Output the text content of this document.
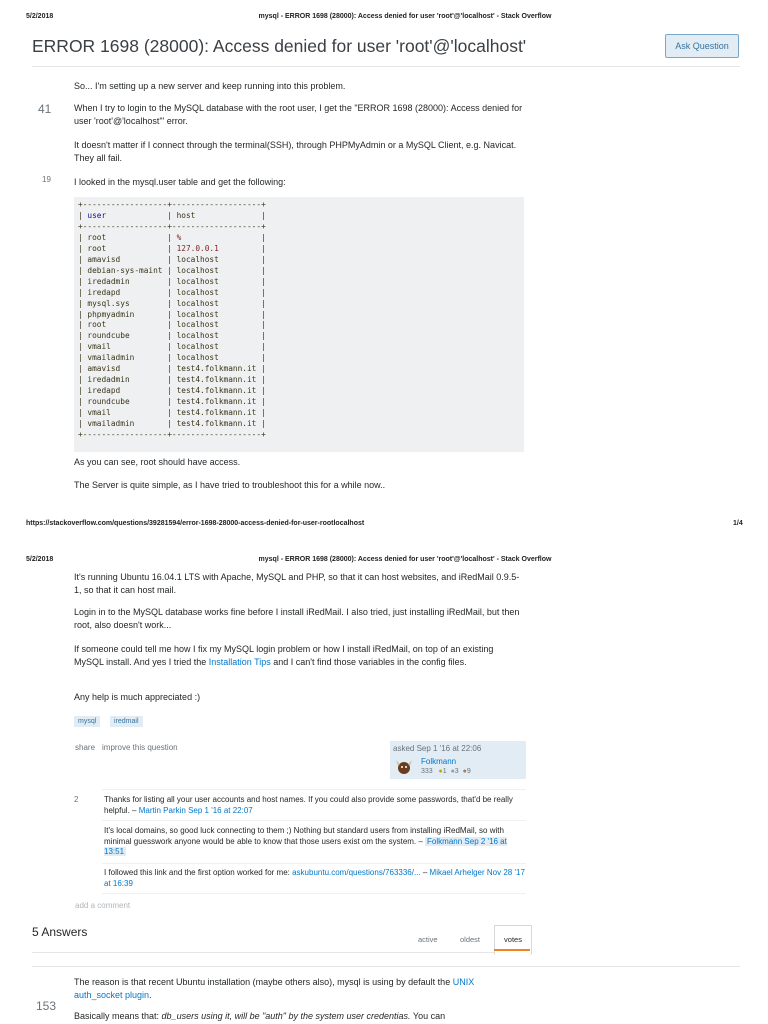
5/2/2018	mysql - ERROR 1698 (28000): Access denied for user 'root'@'localhost' - Stack Overflow
ERROR 1698 (28000): Access denied for user 'root'@'localhost'	Ask Question
41
19
So... I'm setting up a new server and keep running into this problem.
When I try to login to the MySQL database with the root user, I get the "ERROR 1698 (28000): Access denied for user 'root'@'localhost'" error.
It doesn't matter if I connect through the terminal(SSH), through PHPMyAdmin or a MySQL Client, e.g. Navicat. They all fail.
I looked in the mysql.user table and get the following:
+------------------+-------------------+
| user             | host	|
+------------------+-------------------+
| root             | %	|
| root             | 127.0.0.1	|
| amavisd          | localhost	|
| debian-sys-maint | localhost	|
| iredadmin        | localhost	|
| iredapd          | localhost	|
| mysql.sys        | localhost	|
| phpmyadmin       | localhost	|
| root             | localhost	|
| roundcube        | localhost	|
| vmail            | localhost	|
| vmailadmin       | localhost	|
| amavisd          | test4.folkmann.it |
| iredadmin        | test4.folkmann.it |
| iredapd          | test4.folkmann.it |
| roundcube        | test4.folkmann.it |
| vmail            | test4.folkmann.it |
| vmailadmin       | test4.folkmann.it |
+------------------+-------------------+
As you can see, root should have access.
The Server is quite simple, as I have tried to troubleshoot this for a while now..
https://stackoverflow.com/questions/39281594/error-1698-28000-access-denied-for-user-rootlocalhost	1/4
5/2/2018	mysql - ERROR 1698 (28000): Access denied for user 'root'@'localhost' - Stack Overflow
It's running Ubuntu 16.04.1 LTS with Apache, MySQL and PHP, so that it can host websites, and iRedMail 0.9.5-1, so that it can host mail.
Login in to the MySQL database works fine before I install iRedMail. I also tried, just installing iRedMail, but then root, also doesn't work...
If someone could tell me how I fix my MySQL login problem or how I install iRedMail, on top of an existing MySQL install. And yes I tried the Installation Tips and I can't find those variables in the config files.
Any help is much appreciated :)
mysql	iredmail
share improve this question	asked Sep 1 '16 at 22:06
Folkmann
333 ●1 ●3 ●9
2	Thanks for listing all your user accounts and host names. If you could also provide some passwords, that'd be really helpful. – Martin Parkin Sep 1 '16 at 22:07
It's local domains, so good luck connecting to them ;) Nothing but standard users from installing iRedMail, so with minimal guesswork anyone would be able to know that those users exist om the system. – Folkmann Sep 2 '16 at 13:51
I followed this link and the first option worked for me: askubuntu.com/questions/763336/... – Mikael Arhelger Nov 28 '17 at 16:39
add a comment
5 Answers
active	oldest	votes
153
The reason is that recent Ubuntu installation (maybe others also), mysql is using by default the UNIX auth_socket plugin.
Basically means that: db_users using it, will be "auth" by the system user credentias. You can
